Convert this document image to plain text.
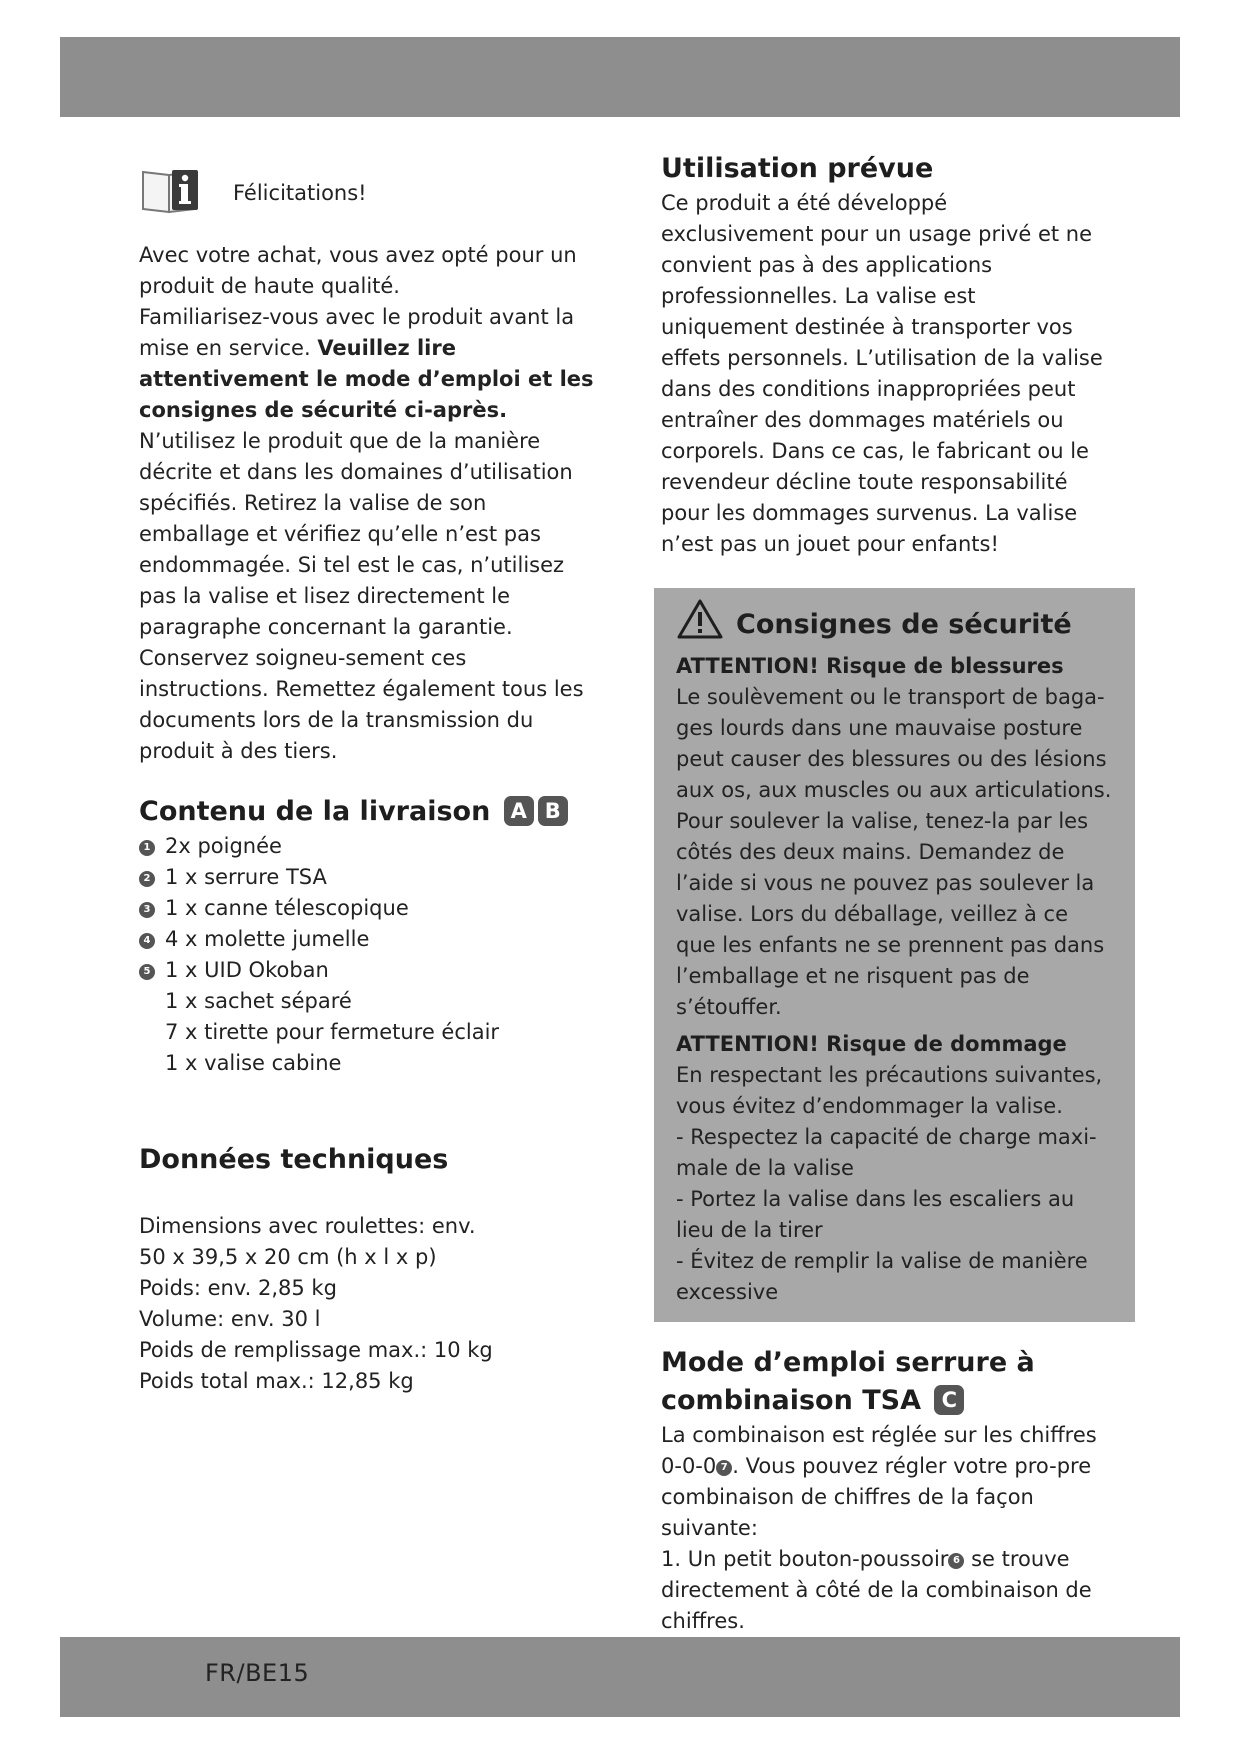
Félicitations!

Avec votre achat, vous avez opté pour un produit de haute qualité.

Familiarisez-vous avec le produit avant la mise en service. Veuillez lire attentivement le mode d’emploi et les consignes de sécurité ci-après. N’utilisez le produit que de la manière décrite et dans les domaines d’utilisation spécifiés. Retirez la valise de son emballage et vérifiez qu’elle n’est pas endommagée. Si tel est le cas, n’utilisez pas la valise et lisez directement le paragraphe concernant la garantie. Conservez soigneu-sement ces instructions. Remettez également tous les documents lors de la transmission du produit à des tiers.

Contenu de la livraison A B
1 2x poignée
2 1 x serrure TSA
3 1 x canne télescopique
4 4 x molette jumelle
5 1 x UID Okoban
1 x sachet séparé
7 x tirette pour fermeture éclair
1 x valise cabine
Données techniques

Dimensions avec roulettes: env.

50 x 39,5 x 20 cm (h x l x p)

Poids: env. 2,85 kg

Volume: env. 30 l

Poids de remplissage max.: 10 kg

Poids total max.: 12,85 kg

Utilisation prévue

Ce produit a été développé exclusivement pour un usage privé et ne convient pas à des applications professionnelles. La valise est uniquement destinée à transporter vos effets personnels. L’utilisation de la valise dans des conditions inappropriées peut entraîner des dommages matériels ou corporels. Dans ce cas, le fabricant ou le revendeur décline toute responsabilité pour les dommages survenus. La valise n’est pas un jouet pour enfants!

Consignes de sécurité
ATTENTION! Risque de blessures

Le soulèvement ou le transport de baga-ges lourds dans une mauvaise posture peut causer des blessures ou des lésions aux os, aux muscles ou aux articulations. Pour soulever la valise, tenez-la par les côtés des deux mains. Demandez de l’aide si vous ne pouvez pas soulever la valise. Lors du déballage, veillez à ce que les enfants ne se prennent pas dans l’emballage et ne risquent pas de s’étouffer.

ATTENTION! Risque de dommage

En respectant les précautions suivantes, vous évitez d’endommager la valise.

- Respectez la capacité de charge maxi-male de la valise

- Portez la valise dans les escaliers au lieu de la tirer

- Évitez de remplir la valise de manière excessive

Mode d’emploi serrure à combinaison TSA C

La combinaison est réglée sur les chiffres 0-0-0 7 . Vous pouvez régler votre pro-pre combinaison de chiffres de la façon suivante:

1. Un petit bouton-poussoir 6 se trouve directement à côté de la combinaison de chiffres.

FR/BE15
